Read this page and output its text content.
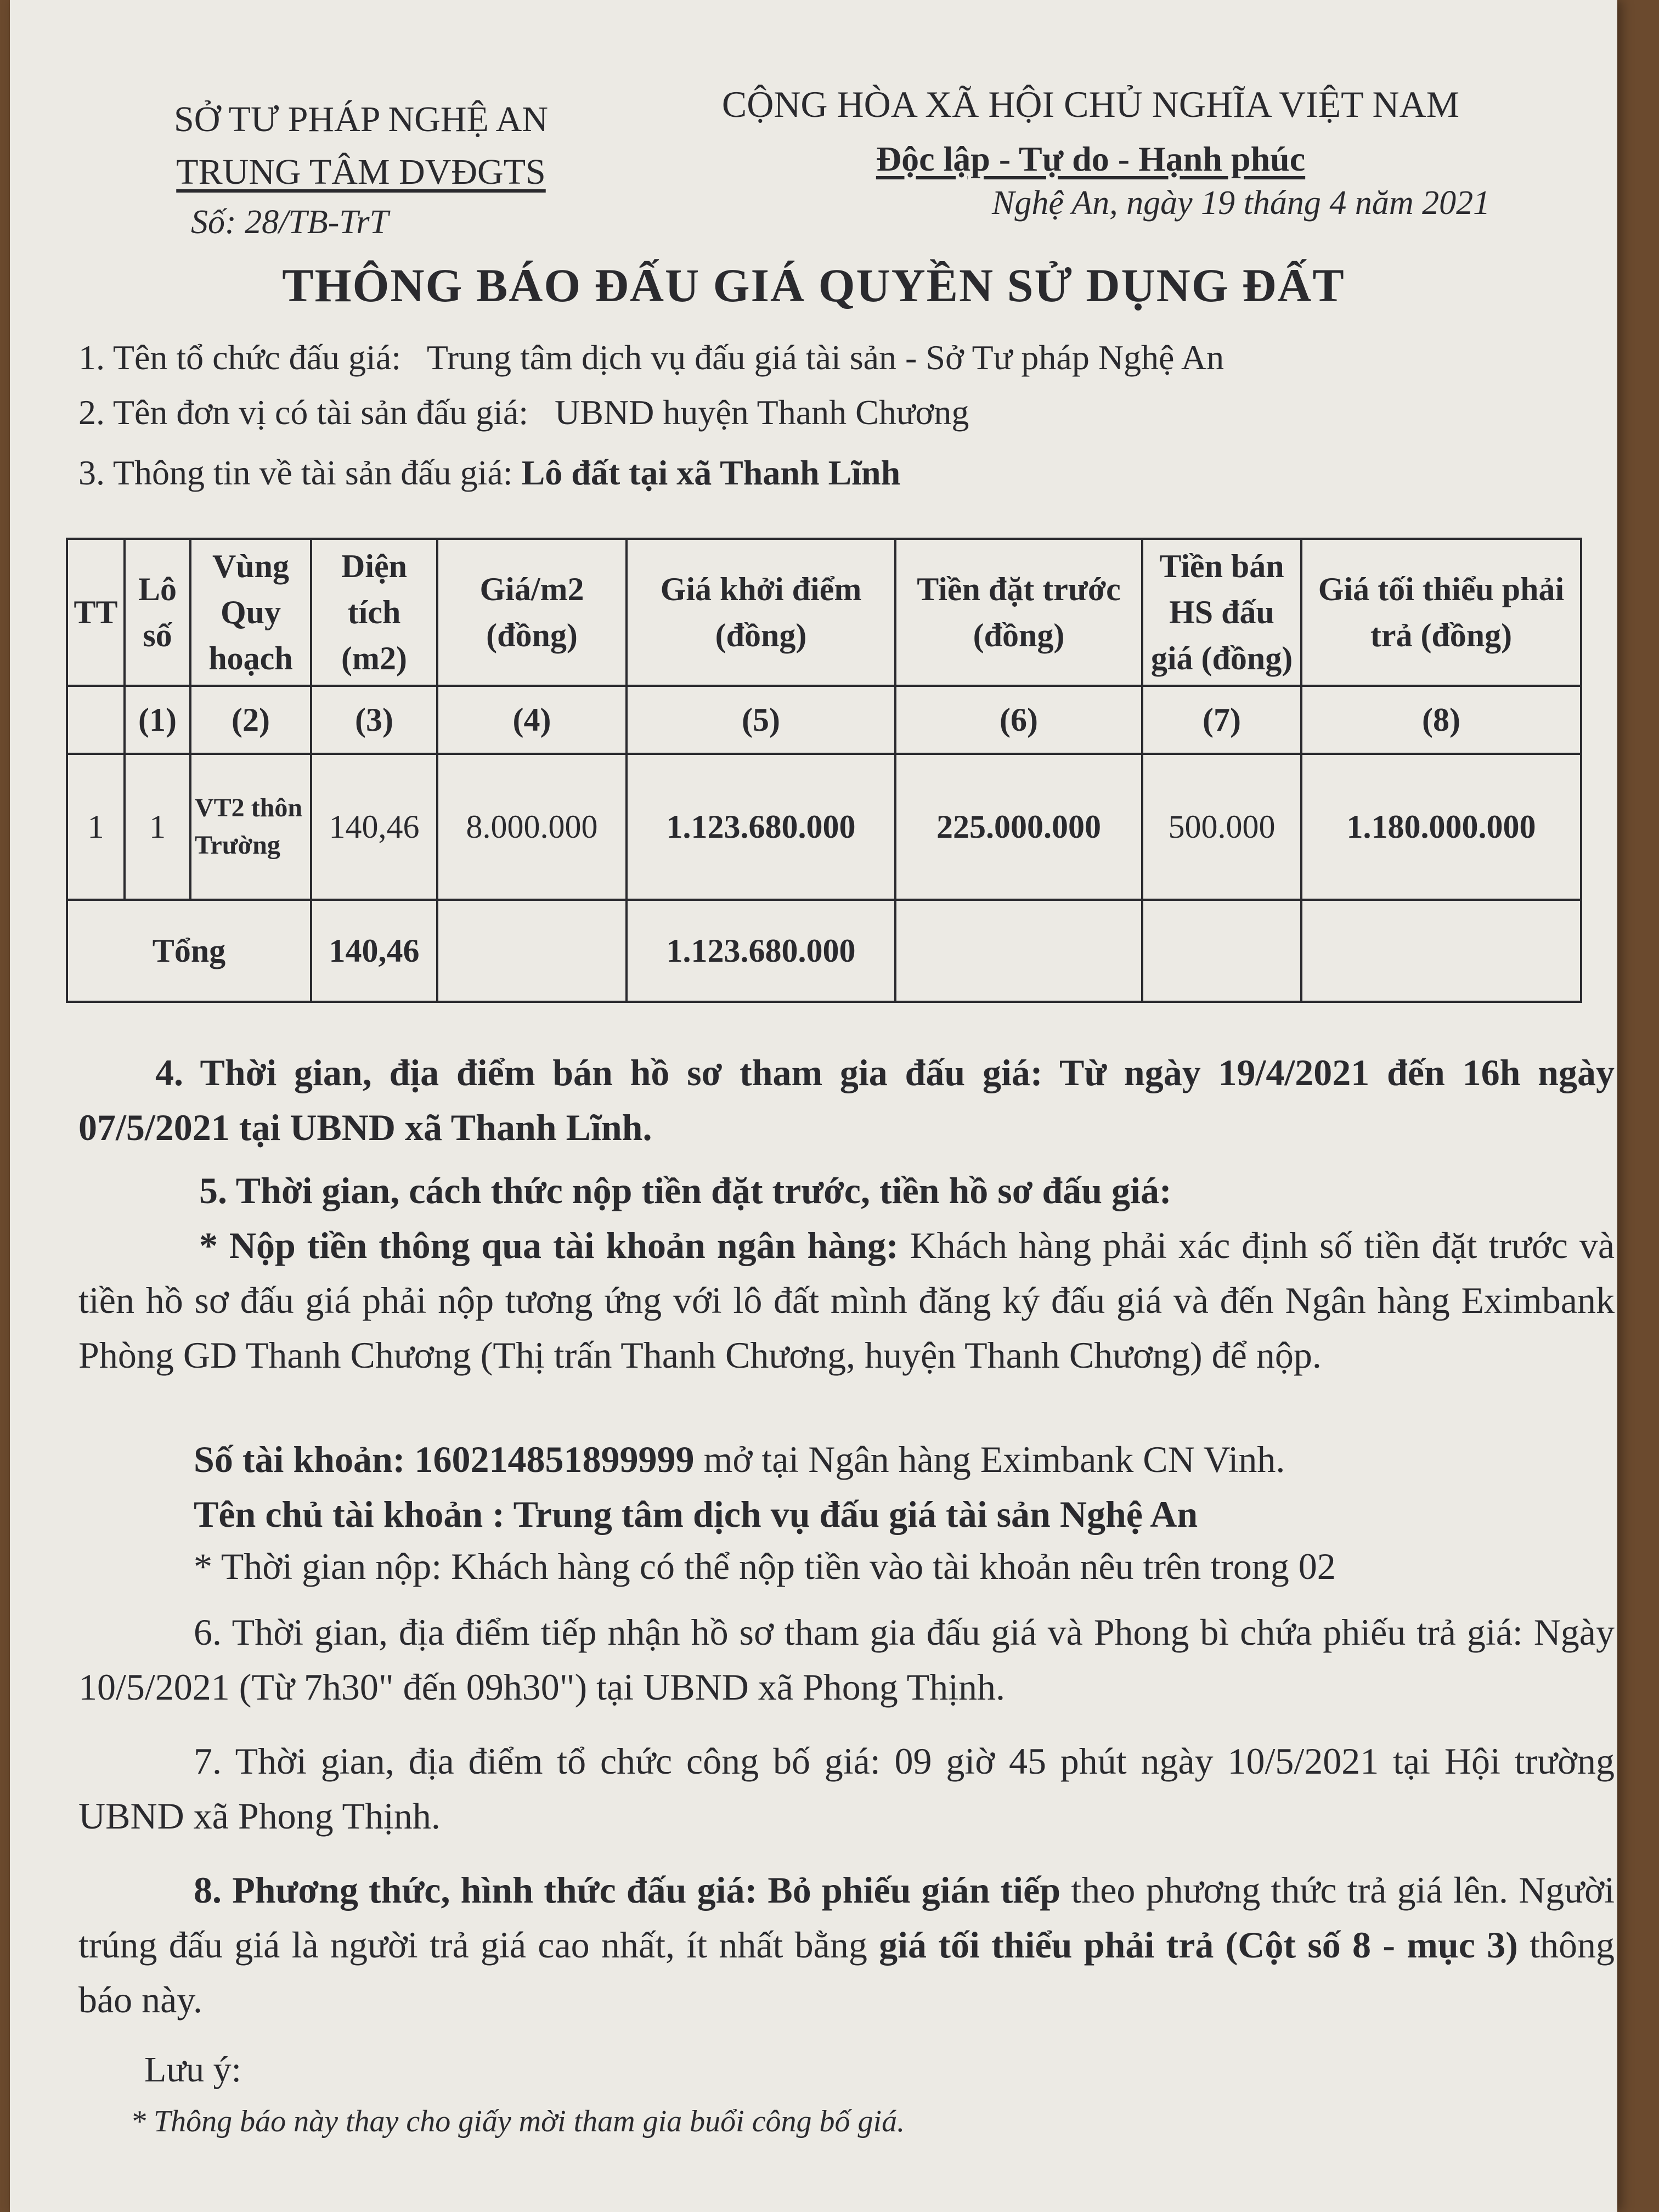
SỞ TƯ PHÁP NGHỆ AN
TRUNG TÂM DVĐGTS
CỘNG HÒA XÃ HỘI CHỦ NGHĨA VIỆT NAM
Độc lập - Tự do - Hạnh phúc
Số: 28/TB-TrT
Nghệ An, ngày 19 tháng 4 năm 2021
THÔNG BÁO ĐẤU GIÁ QUYỀN SỬ DỤNG ĐẤT
1. Tên tổ chức đấu giá: Trung tâm dịch vụ đấu giá tài sản - Sở Tư pháp Nghệ An
2. Tên đơn vị có tài sản đấu giá: UBND huyện Thanh Chương
3. Thông tin về tài sản đấu giá: Lô đất tại xã Thanh Lĩnh
TT	Lô số	Vùng Quy hoạch	Diện tích (m2)	Giá/m2 (đồng)	Giá khởi điểm (đồng)	Tiền đặt trước (đồng)	Tiền bán HS đấu giá (đồng)	Giá tối thiểu phải trả (đồng)
	(1)	(2)	(3)	(4)	(5)	(6)	(7)	(8)
1	1	VT2 thôn Trường	140,46	8.000.000	1.123.680.000	225.000.000	500.000	1.180.000.000
Tổng			140,46		1.123.680.000			
4. Thời gian, địa điểm bán hồ sơ tham gia đấu giá: Từ ngày 19/4/2021 đến 16h ngày 07/5/2021 tại UBND xã Thanh Lĩnh.
5. Thời gian, cách thức nộp tiền đặt trước, tiền hồ sơ đấu giá:
* Nộp tiền thông qua tài khoản ngân hàng: Khách hàng phải xác định số tiền đặt trước và tiền hồ sơ đấu giá phải nộp tương ứng với lô đất mình đăng ký đấu giá và đến Ngân hàng Eximbank Phòng GD Thanh Chương (Thị trấn Thanh Chương, huyện Thanh Chương) để nộp.
Số tài khoản: 160214851899999 mở tại Ngân hàng Eximbank CN Vinh.
Tên chủ tài khoản : Trung tâm dịch vụ đấu giá tài sản Nghệ An
* Thời gian nộp: Khách hàng có thể nộp tiền vào tài khoản nêu trên trong 02
6. Thời gian, địa điểm tiếp nhận hồ sơ tham gia đấu giá và Phong bì chứa phiếu trả giá: Ngày 10/5/2021 (Từ 7h30" đến 09h30") tại UBND xã Phong Thịnh.
7. Thời gian, địa điểm tổ chức công bố giá: 09 giờ 45 phút ngày 10/5/2021 tại Hội trường UBND xã Phong Thịnh.
8. Phương thức, hình thức đấu giá: Bỏ phiếu gián tiếp theo phương thức trả giá lên. Người trúng đấu giá là người trả giá cao nhất, ít nhất bằng giá tối thiểu phải trả (Cột số 8 - mục 3) thông báo này.
Lưu ý:
* Thông báo này thay cho giấy mời tham gia buổi công bố giá.
